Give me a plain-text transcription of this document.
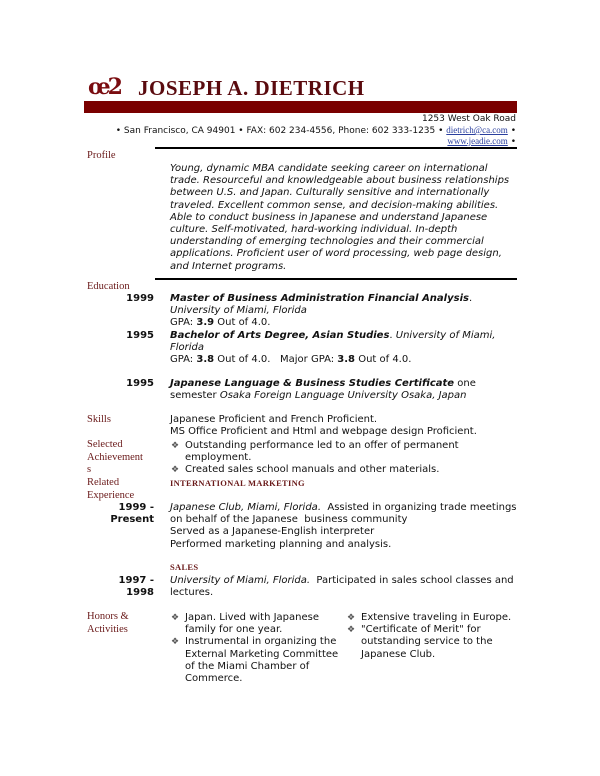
œ2 JOSEPH A. DIETRICH
1253 West Oak Road
• San Francisco, CA 94901 • FAX: 602 234-4556, Phone: 602 333-1235 • dietrich@ca.com •
www.jeadie.com •
Profile
Young, dynamic MBA candidate seeking career on international trade. Resourceful and knowledgeable about business relationships between U.S. and Japan. Culturally sensitive and internationally traveled. Excellent common sense, and decision-making abilities. Able to conduct business in Japanese and understand Japanese culture. Self-motivated, hard-working individual. In-depth understanding of emerging technologies and their commercial applications. Proficient user of word processing, web page design, and Internet programs.
Education
1999 Master of Business Administration Financial Analysis.
University of Miami, Florida
GPA: 3.9 Out of 4.0.
1995 Bachelor of Arts Degree, Asian Studies. University of Miami, Florida
GPA: 3.8 Out of 4.0.   Major GPA: 3.8 Out of 4.0.
1995 Japanese Language & Business Studies Certificate one semester Osaka Foreign Language University Osaka, Japan
Skills	Japanese Proficient and French Proficient.
MS Office Proficient and Html and webpage design Proficient.
Selected
Achievement
s
❖ Outstanding performance led to an offer of permanent employment.
❖ Created sales school manuals and other materials.
Related
Experience
INTERNATIONAL MARKETING
1999 -
Present
Japanese Club, Miami, Florida.  Assisted in organizing trade meetings on behalf of the Japanese  business community
Served as a Japanese-English interpreter
Performed marketing planning and analysis.
SALES
1997 -
1998
University of Miami, Florida.  Participated in sales school classes and lectures.
Honors &
Activities
❖ Japan. Lived with Japanese family for one year.
❖ Instrumental in organizing the External Marketing Committee of the Miami Chamber of Commerce.
❖ Extensive traveling in Europe.
❖ "Certificate of Merit" for outstanding service to the Japanese Club.
